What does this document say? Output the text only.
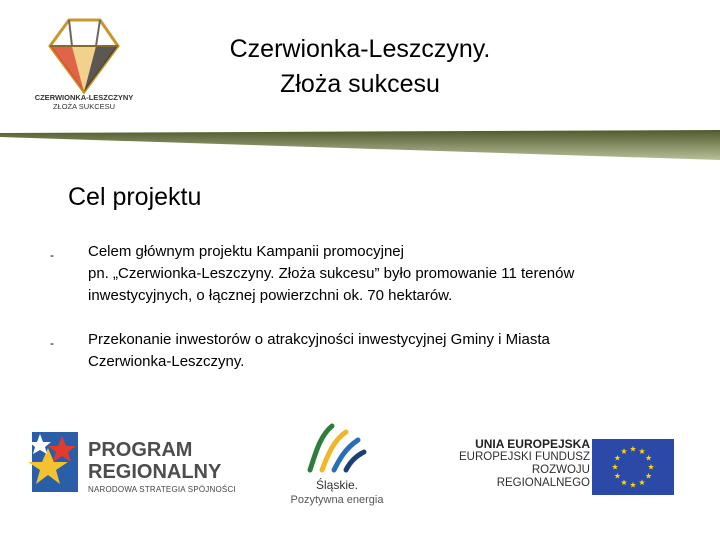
CZERWIONKA-LESZCZYNY
ZŁOŻA SUKCESU
Czerwionka-Leszczyny.
Złoża sukcesu
Cel projektu
- Celem głównym projektu Kampanii promocyjnej
pn. „Czerwionka-Leszczyny. Złoża sukcesu” było promowanie 11 terenów
inwestycyjnych, o łącznej powierzchni ok. 70 hektarów.
- Przekonanie inwestorów o atrakcyjności inwestycyjnej Gminy i Miasta
Czerwionka-Leszczyny.
PROGRAM
REGIONALNY
NARODOWA STRATEGIA SPÓJNOŚCI	Śląskie.
Pozytywna energia
UNIA EUROPEJSKA
EUROPEJSKI FUNDUSZ
ROZWOJU REGIONALNEGO
